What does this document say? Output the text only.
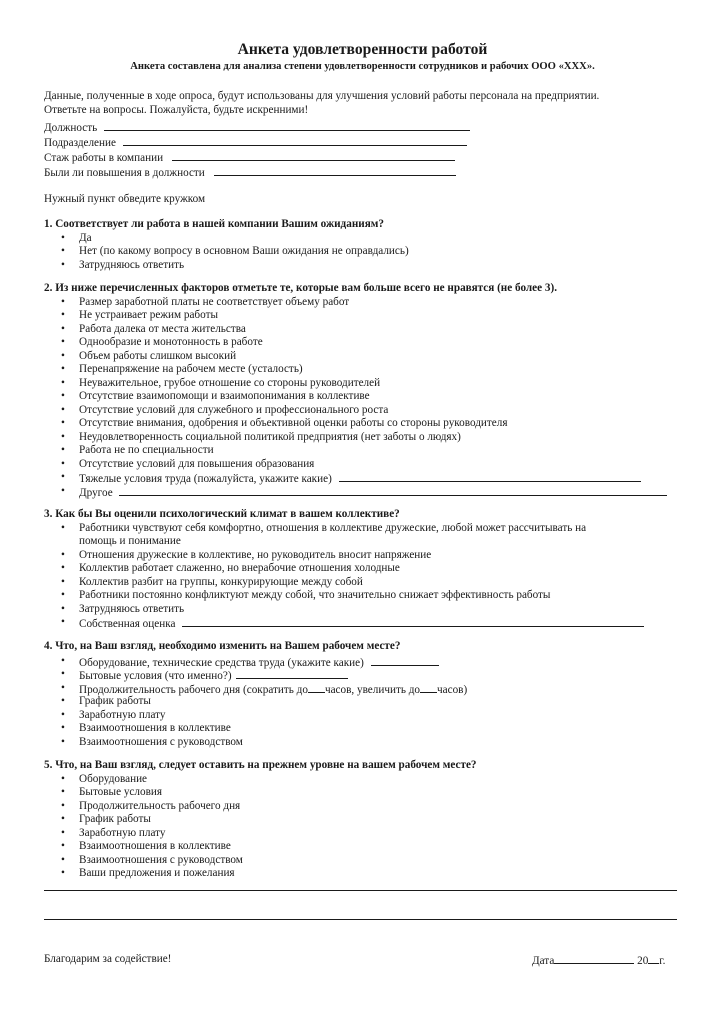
Анкета удовлетворенности работой
Анкета составлена для анализа степени удовлетворенности сотрудников и рабочих ООО «ХХХ».
Данные, полученные в ходе опроса, будут использованы для улучшения условий работы персонала на предприятии.
Ответьте на вопросы. Пожалуйста, будьте искренними!
Должность
Подразделение
Стаж работы в компании
Были ли повышения в должности
Нужный пункт обведите кружком
1. Соответствует ли работа в нашей компании Вашим ожиданиям?
• Да
• Нет (по какому вопросу в основном Ваши ожидания не оправдались)
• Затрудняюсь ответить
2. Из ниже перечисленных факторов отметьте те, которые вам больше всего не нравятся (не более 3).
• Размер заработной платы не соответствует объему работ
• Не устраивает режим работы
• Работа далека от места жительства
• Однообразие и монотонность в работе
• Объем работы слишком высокий
• Перенапряжение на рабочем месте (усталость)
• Неуважительное, грубое отношение со стороны руководителей
• Отсутствие взаимопомощи и взаимопонимания в коллективе
• Отсутствие условий для служебного и профессионального роста
• Отсутствие внимания, одобрения и объективной оценки работы со стороны руководителя
• Неудовлетворенность социальной политикой предприятия (нет заботы о людях)
• Работа не по специальности
• Отсутствие условий для повышения образования
• Тяжелые условия труда (пожалуйста, укажите какие)
• Другое
3. Как бы Вы оценили психологический климат в вашем коллективе?
• Работники чувствуют себя комфортно, отношения в коллективе дружеские, любой может рассчитывать на
помощь и понимание
• Отношения дружеские в коллективе, но руководитель вносит напряжение
• Коллектив работает слаженно, но внерабочие отношения холодные
• Коллектив разбит на группы, конкурирующие между собой
• Работники постоянно конфликтуют между собой, что значительно снижает эффективность работы
• Затрудняюсь ответить
• Собственная оценка
4. Что, на Ваш взгляд, необходимо изменить на Вашем рабочем месте?
• Оборудование, технические средства труда (укажите какие)
• Бытовые условия (что именно?)
• Продолжительность рабочего дня (сократить до часов, увеличить до часов)
• График работы
• Заработную плату
• Взаимоотношения в коллективе
• Взаимоотношения с руководством
5. Что, на Ваш взгляд, следует оставить на прежнем уровне на вашем рабочем месте?
• Оборудование
• Бытовые условия
• Продолжительность рабочего дня
• График работы
• Заработную плату
• Взаимоотношения в коллективе
• Взаимоотношения с руководством
• Ваши предложения и пожелания
Благодарим за содействие!	Дата	20 г.
